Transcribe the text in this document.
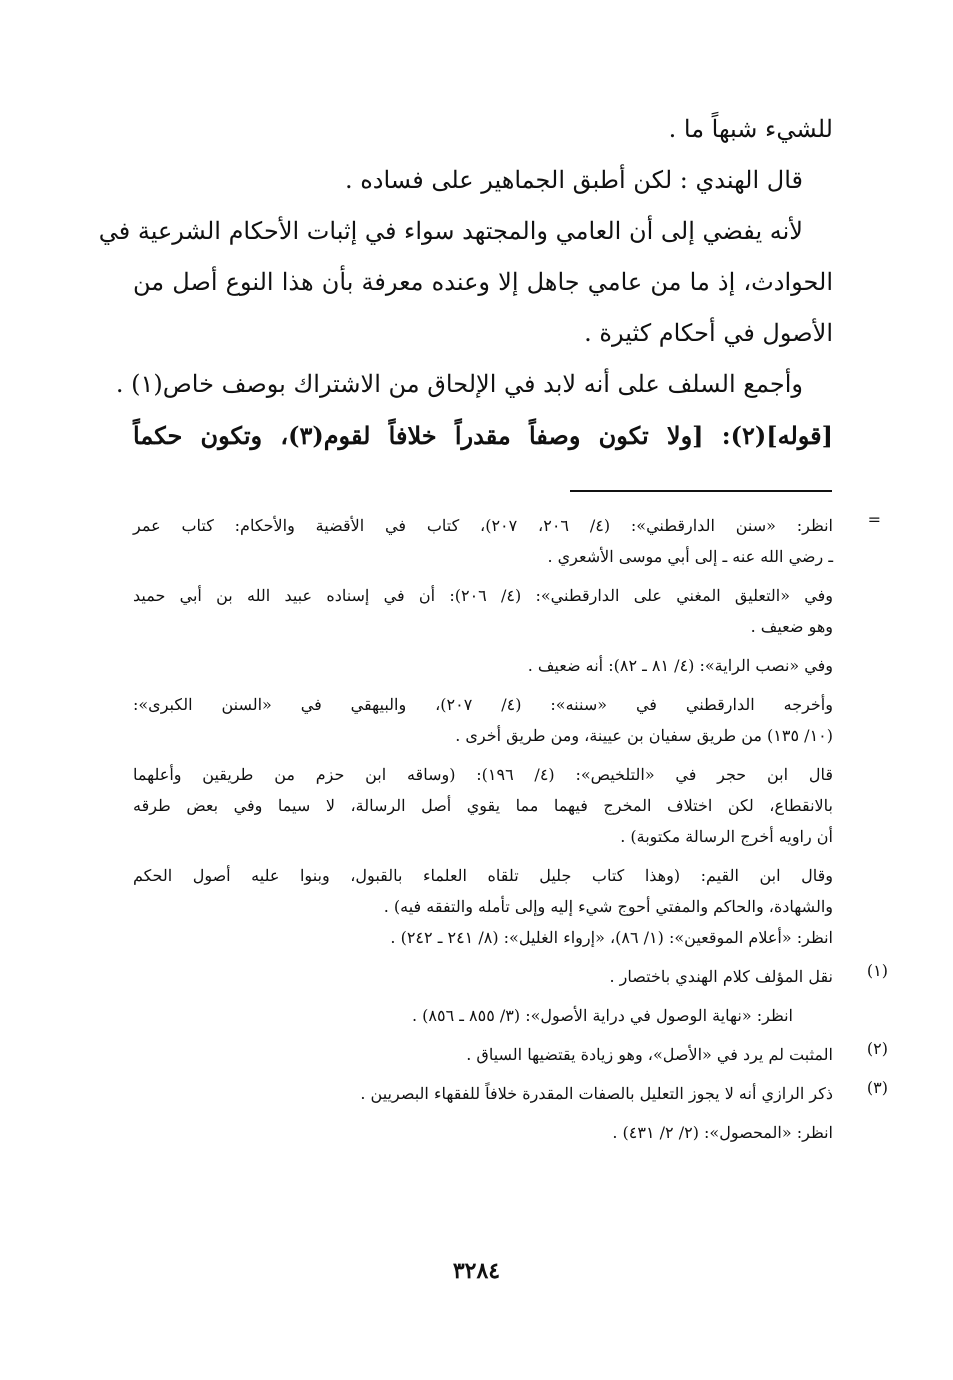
للشيء شبهاً ما .
قال الهندي : لكن أطبق الجماهير على فساده .
لأنه يفضي إلى أن العامي والمجتهد سواء في إثبات الأحكام الشرعية في
الحوادث، إذ ما من عامي جاهل إلا وعنده معرفة بأن هذا النوع أصل من
الأصول في أحكام كثيرة .
وأجمع السلف على أنه لابد في الإلحاق من الاشتراك بوصف خاص(١) .
[قوله](٢): [ولا تكون وصفاً مقدراً خلافاً لقوم(٣)، وتكون حكماً
=
انظر: «سنن الدارقطني»: (٤/ ٢٠٦، ٢٠٧)، كتاب في الأقضية والأحكام: كتاب عمر
ـ رضي الله عنه ـ إلى أبي موسى الأشعري .
وفي «التعليق المغني على الدارقطني»: (٤/ ٢٠٦): أن في إسناده عبيد الله بن أبي حميد
وهو ضعيف .
وفي «نصب الراية»: (٤/ ٨١ ـ ٨٢): أنه ضعيف .
وأخرجه الدارقطني في «سننه»: (٤/ ٢٠٧)، والبيهقي في «السنن الكبرى»:
(١٠/ ١٣٥) من طريق سفيان بن عيينة، ومن طريق أخرى .
قال ابن حجر في «التلخيص»: (٤/ ١٩٦): (وساقه ابن حزم من طريقين وأعلهما
بالانقطاع، لكن اختلاف المخرج فيهما مما يقوي أصل الرسالة، لا سيما وفي بعض طرقه
أن راويه أخرج الرسالة مكتوبة) .
وقال ابن القيم: (وهذا كتاب جليل تلقاه العلماء بالقبول، وبنوا عليه أصول الحكم
والشهادة، والحاكم والمفتي أحوج شيء إليه وإلى تأمله والتفقه فيه) .
انظر: «أعلام الموقعين»: (١/ ٨٦)، «إرواء الغليل»: (٨/ ٢٤١ ـ ٢٤٢) .
(١)
نقل المؤلف كلام الهندي باختصار .
انظر: «نهاية الوصول في دراية الأصول»: (٣/ ٨٥٥ ـ ٨٥٦) .
(٢)
المثبت لم يرد في «الأصل»، وهو زيادة يقتضيها السياق .
(٣)
ذكر الرازي أنه لا يجوز التعليل بالصفات المقدرة خلافاً للفقهاء البصريين .
انظر: «المحصول»: (٢/ ٢/ ٤٣١) .
٣٢٨٤
